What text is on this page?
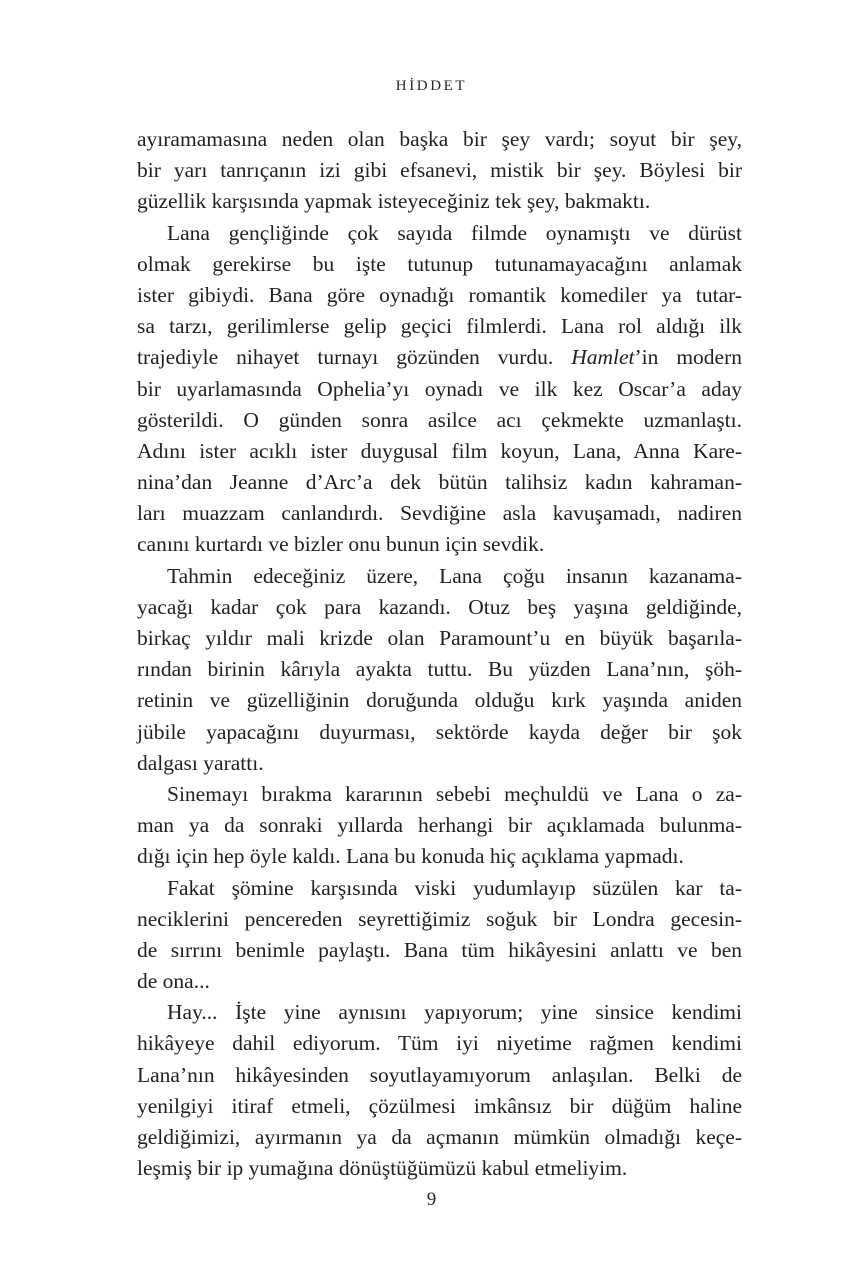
HİDDET
ayıramamasına neden olan başka bir şey vardı; soyut bir şey,
bir yarı tanrıçanın izi gibi efsanevi, mistik bir şey. Böylesi bir
güzellik karşısında yapmak isteyeceğiniz tek şey, bakmaktı.
Lana gençliğinde çok sayıda filmde oynamıştı ve dürüst
olmak gerekirse bu işte tutunup tutunamayacağını anlamak
ister gibiydi. Bana göre oynadığı romantik komediler ya tutar-
sa tarzı, gerilimlerse gelip geçici filmlerdi. Lana rol aldığı ilk
trajediyle nihayet turnayı gözünden vurdu. Hamlet’in modern
bir uyarlamasında Ophelia’yı oynadı ve ilk kez Oscar’a aday
gösterildi. O günden sonra asilce acı çekmekte uzmanlaştı.
Adını ister acıklı ister duygusal film koyun, Lana, Anna Kare-
nina’dan Jeanne d’Arc’a dek bütün talihsiz kadın kahraman-
ları muazzam canlandırdı. Sevdiğine asla kavuşamadı, nadiren
canını kurtardı ve bizler onu bunun için sevdik.
Tahmin edeceğiniz üzere, Lana çoğu insanın kazanama-
yacağı kadar çok para kazandı. Otuz beş yaşına geldiğinde,
birkaç yıldır mali krizde olan Paramount’u en büyük başarıla-
rından birinin kârıyla ayakta tuttu. Bu yüzden Lana’nın, şöh-
retinin ve güzelliğinin doruğunda olduğu kırk yaşında aniden
jübile yapacağını duyurması, sektörde kayda değer bir şok
dalgası yarattı.
Sinemayı bırakma kararının sebebi meçhuldü ve Lana o za-
man ya da sonraki yıllarda herhangi bir açıklamada bulunma-
dığı için hep öyle kaldı. Lana bu konuda hiç açıklama yapmadı.
Fakat şömine karşısında viski yudumlayıp süzülen kar ta-
neciklerini pencereden seyrettiğimiz soğuk bir Londra gecesin-
de sırrını benimle paylaştı. Bana tüm hikâyesini anlattı ve ben
de ona...
Hay... İşte yine aynısını yapıyorum; yine sinsice kendimi
hikâyeye dahil ediyorum. Tüm iyi niyetime rağmen kendimi
Lana’nın hikâyesinden soyutlayamıyorum anlaşılan. Belki de
yenilgiyi itiraf etmeli, çözülmesi imkânsız bir düğüm haline
geldiğimizi, ayırmanın ya da açmanın mümkün olmadığı keçe-
leşmiş bir ip yumağına dönüştüğümüzü kabul etmeliyim.
9
